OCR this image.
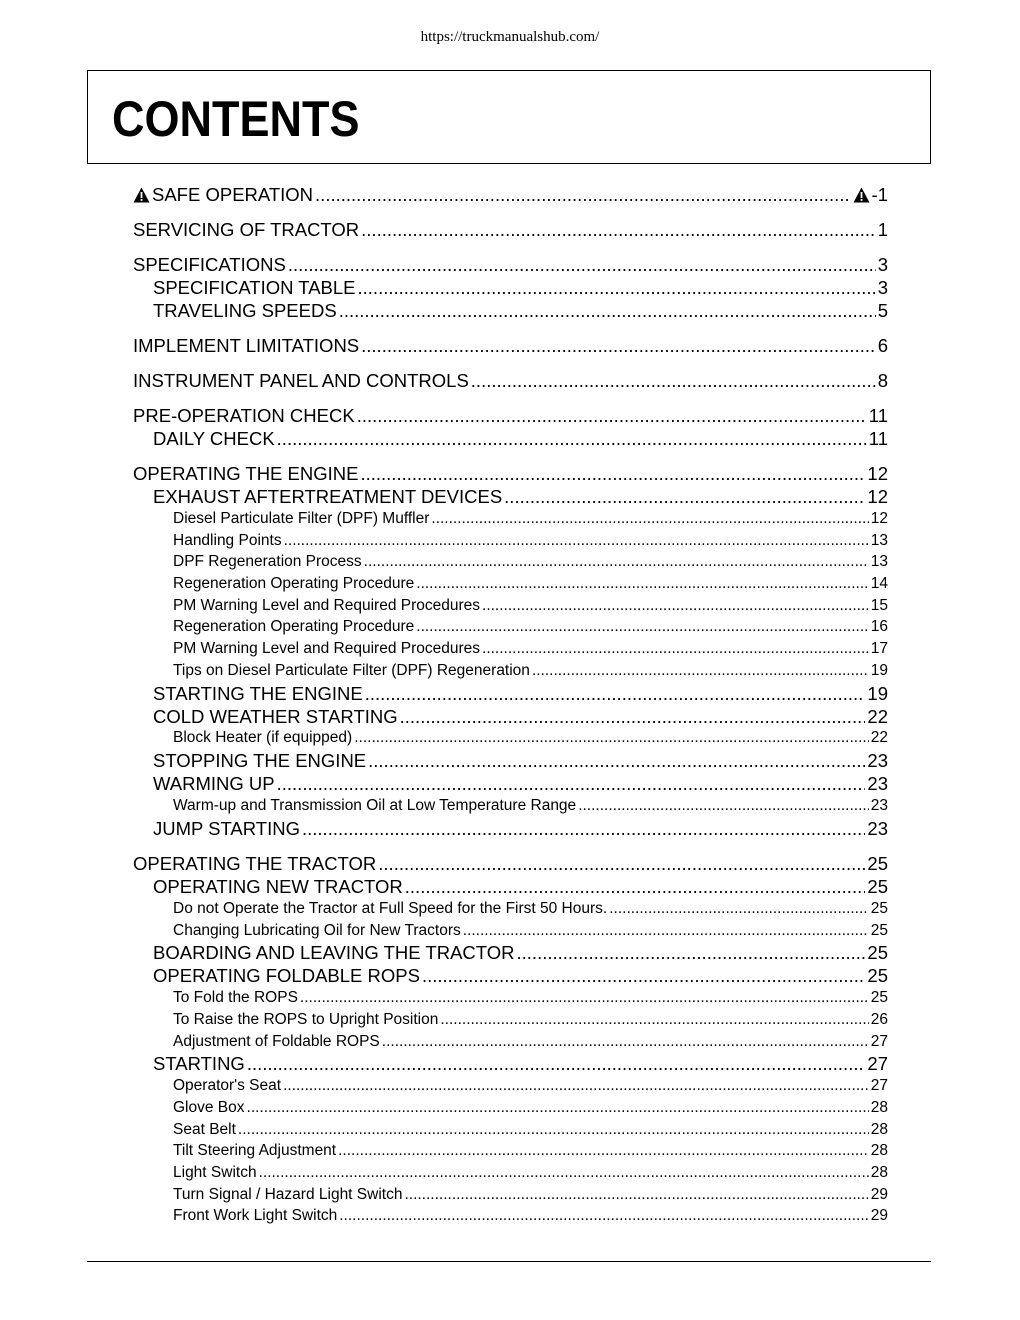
https://truckmanualshub.com/
CONTENTS
SAFE OPERATION .....	-1
SERVICING OF TRACTOR .....	1
SPECIFICATIONS .....	3
SPECIFICATION TABLE .....	3
TRAVELING SPEEDS .....	5
IMPLEMENT LIMITATIONS .....	6
INSTRUMENT PANEL AND CONTROLS .....	8
PRE-OPERATION CHECK .....	11
DAILY CHECK .....	11
OPERATING THE ENGINE .....	12
EXHAUST AFTERTREATMENT DEVICES .....	12
Diesel Particulate Filter (DPF) Muffler .....	12
Handling Points .....	13
DPF Regeneration Process .....	13
Regeneration Operating Procedure .....	14
PM Warning Level and Required Procedures .....	15
Regeneration Operating Procedure .....	16
PM Warning Level and Required Procedures .....	17
Tips on Diesel Particulate Filter (DPF) Regeneration .....	19
STARTING THE ENGINE .....	19
COLD WEATHER STARTING .....	22
Block Heater (if equipped) .....	22
STOPPING THE ENGINE .....	23
WARMING UP .....	23
Warm-up and Transmission Oil at Low Temperature Range .....	23
JUMP STARTING .....	23
OPERATING THE TRACTOR .....	25
OPERATING NEW TRACTOR .....	25
Do not Operate the Tractor at Full Speed for the First 50 Hours. .....	25
Changing Lubricating Oil for New Tractors .....	25
BOARDING AND LEAVING THE TRACTOR .....	25
OPERATING FOLDABLE ROPS .....	25
To Fold the ROPS .....	25
To Raise the ROPS to Upright Position .....	26
Adjustment of Foldable ROPS .....	27
STARTING .....	27
Operator's Seat .....	27
Glove Box .....	28
Seat Belt .....	28
Tilt Steering Adjustment .....	28
Light Switch .....	28
Turn Signal / Hazard Light Switch .....	29
Front Work Light Switch .....	29
